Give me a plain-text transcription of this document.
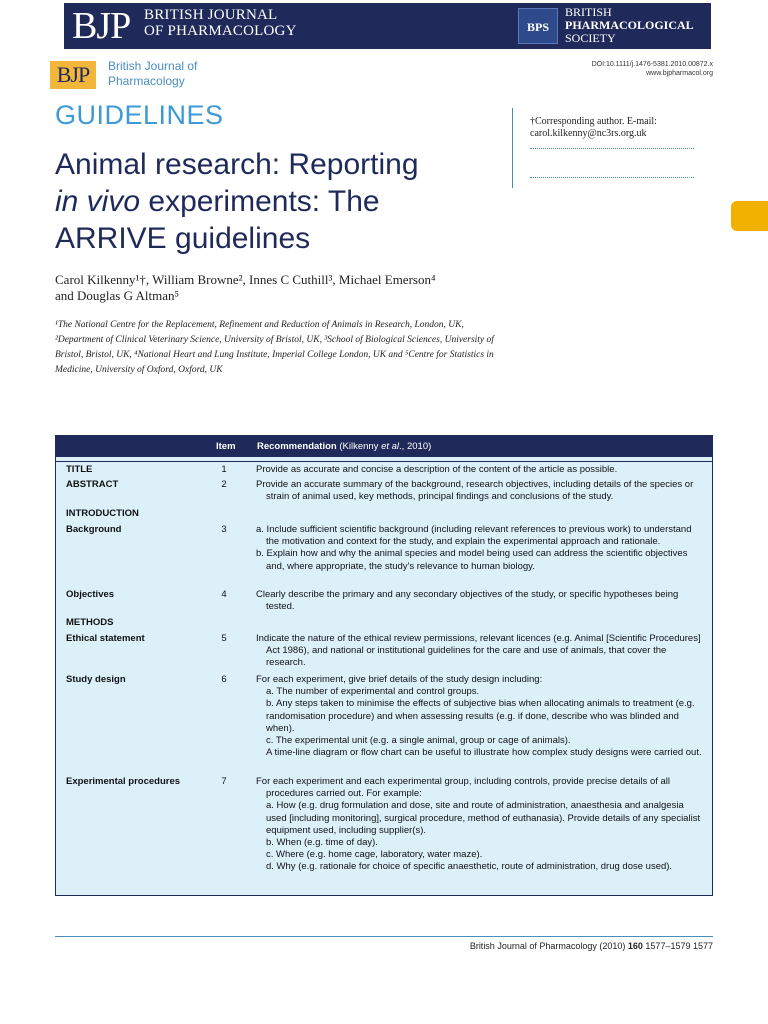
BJP BRITISH JOURNAL
OF PHARMACOLOGY	BPS
BRITISH
PHARMACOLOGICAL
SOCIETY
BJP	British Journal of
Pharmacology
DOI:10.1111/j.1476-5381.2010.00872.x
www.bjpharmacol.org
GUIDELINES
Animal research: Reporting
in vivo experiments: The
ARRIVE guidelines
Carol Kilkenny¹†, William Browne², Innes C Cuthill³, Michael Emerson⁴
and Douglas G Altman⁵
¹The National Centre for the Replacement, Refinement and Reduction of Animals in Research, London, UK, ²Department of Clinical Veterinary Science, University of Bristol, UK, ³School of Biological Sciences, University of Bristol, Bristol, UK, ⁴National Heart and Lung Institute, Imperial College London, UK and ⁵Centre for Statistics in Medicine, University of Oxford, Oxford, UK
†Corresponding author. E-mail:
carol.kilkenny@nc3rs.org.uk
Item Recommendation (Kilkenny et al., 2010)
TITLE	1	Provide as accurate and concise a description of the content of the article as possible.
ABSTRACT	2	Provide an accurate summary of the background, research objectives, including details of the species or strain of animal used, key methods, principal findings and conclusions of the study.
INTRODUCTION
Background	3	a. Include sufficient scientific background (including relevant references to previous work) to understand the motivation and context for the study, and explain the experimental approach and rationale.
b. Explain how and why the animal species and model being used can address the scientific objectives and, where appropriate, the study's relevance to human biology.
Objectives	4	Clearly describe the primary and any secondary objectives of the study, or specific hypotheses being tested.
METHODS
Ethical statement	5	Indicate the nature of the ethical review permissions, relevant licences (e.g. Animal [Scientific Procedures] Act 1986), and national or institutional guidelines for the care and use of animals, that cover the research.
Study design	6	For each experiment, give brief details of the study design including:
a. The number of experimental and control groups.
b. Any steps taken to minimise the effects of subjective bias when allocating animals to treatment (e.g. randomisation procedure) and when assessing results (e.g. if done, describe who was blinded and when).
c. The experimental unit (e.g. a single animal, group or cage of animals).
A time-line diagram or flow chart can be useful to illustrate how complex study designs were carried out.
Experimental procedures	7	For each experiment and each experimental group, including controls, provide precise details of all procedures carried out. For example:
a. How (e.g. drug formulation and dose, site and route of administration, anaesthesia and analgesia used [including monitoring], surgical procedure, method of euthanasia). Provide details of any specialist equipment used, including supplier(s).
b. When (e.g. time of day).
c. Where (e.g. home cage, laboratory, water maze).
d. Why (e.g. rationale for choice of specific anaesthetic, route of administration, drug dose used).
British Journal of Pharmacology (2010) 160 1577–1579 1577
